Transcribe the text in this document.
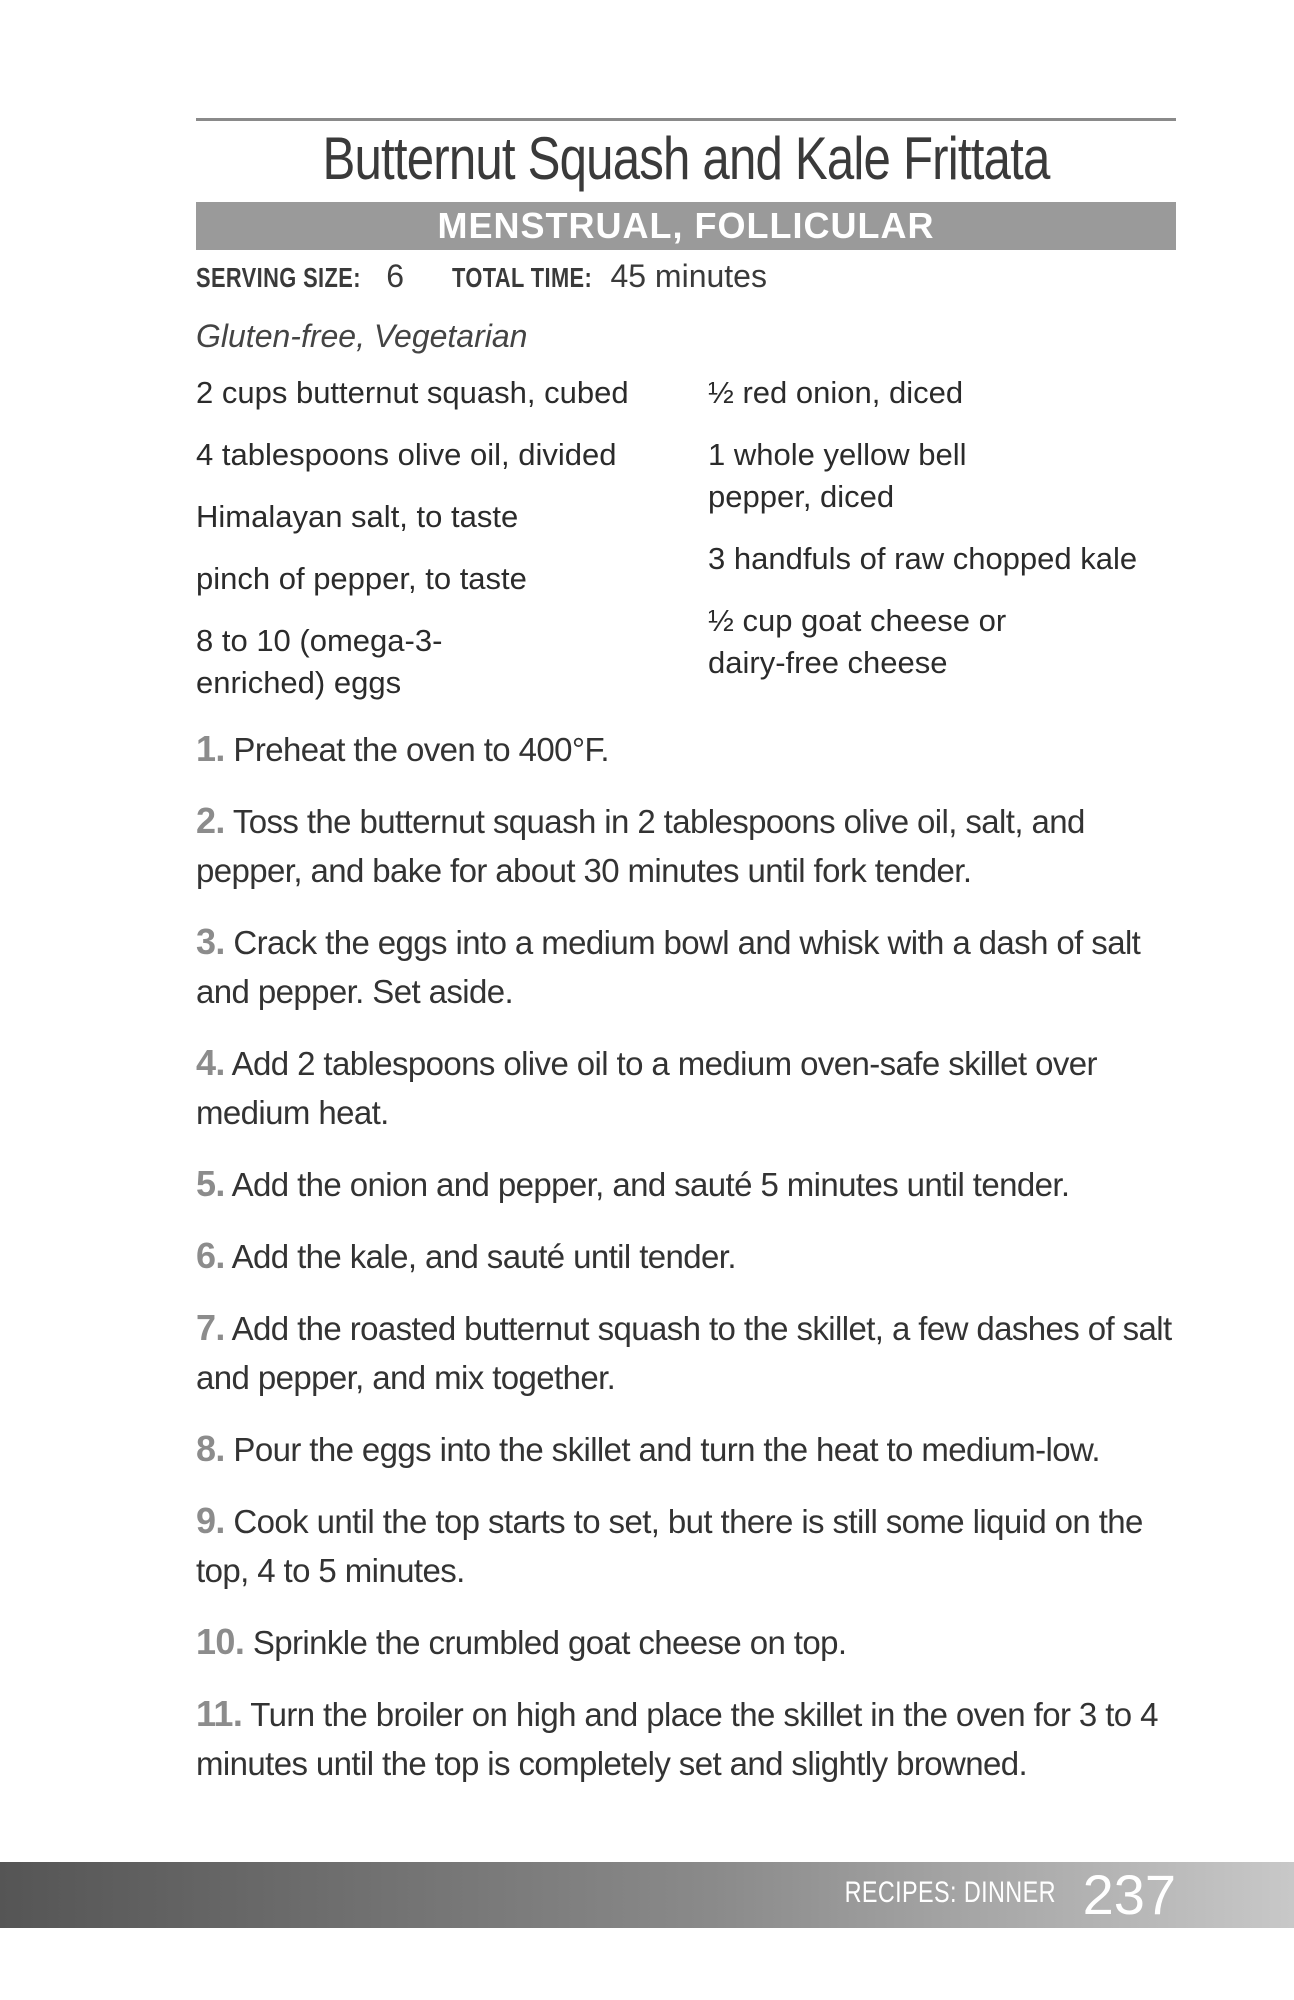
Butternut Squash and Kale Frittata
MENSTRUAL, FOLLICULAR
SERVING SIZE: 6 TOTAL TIME: 45 minutes
Gluten-free, Vegetarian
2 cups butternut squash, cubed
4 tablespoons olive oil, divided
Himalayan salt, to taste
pinch of pepper, to taste
8 to 10 (omega-3-enriched) eggs
½ red onion, diced
1 whole yellow bell pepper, diced
3 handfuls of raw chopped kale
½ cup goat cheese or dairy-free cheese
1. Preheat the oven to 400°F.
2. Toss the butternut squash in 2 tablespoons olive oil, salt, and pepper, and bake for about 30 minutes until fork tender.
3. Crack the eggs into a medium bowl and whisk with a dash of salt and pepper. Set aside.
4. Add 2 tablespoons olive oil to a medium oven-safe skillet over medium heat.
5. Add the onion and pepper, and sauté 5 minutes until tender.
6. Add the kale, and sauté until tender.
7. Add the roasted butternut squash to the skillet, a few dashes of salt and pepper, and mix together.
8. Pour the eggs into the skillet and turn the heat to medium-low.
9. Cook until the top starts to set, but there is still some liquid on the top, 4 to 5 minutes.
10. Sprinkle the crumbled goat cheese on top.
11. Turn the broiler on high and place the skillet in the oven for 3 to 4 minutes until the top is completely set and slightly browned.
RECIPES: DINNER 237
